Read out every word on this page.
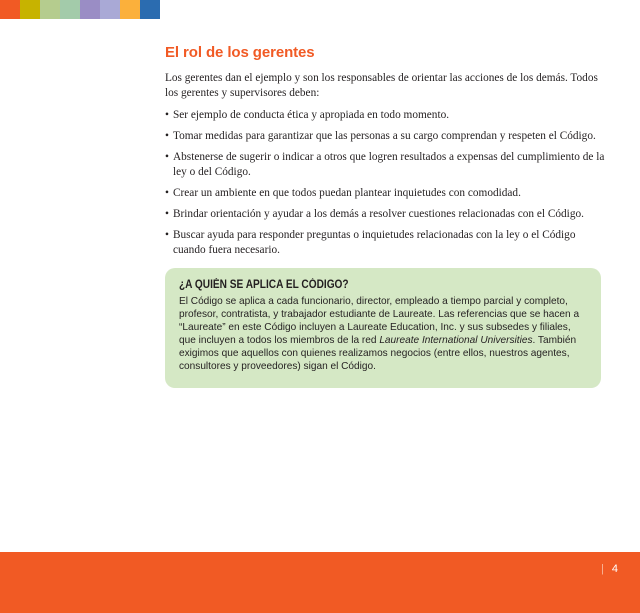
El rol de los gerentes

Los gerentes dan el ejemplo y son los responsables de orientar las acciones de los demás. Todos los gerentes y supervisores deben:

• Ser ejemplo de conducta ética y apropiada en todo momento.
• Tomar medidas para garantizar que las personas a su cargo comprendan y respeten el Código.
• Abstenerse de sugerir o indicar a otros que logren resultados a expensas del cumplimiento de la ley o del Código.
• Crear un ambiente en que todos puedan plantear inquietudes con comodidad.
• Brindar orientación y ayudar a los demás a resolver cuestiones relacionadas con el Código.
• Buscar ayuda para responder preguntas o inquietudes relacionadas con la ley o el Código cuando fuera necesario.
¿A QUIÉN SE APLICA EL CÓDIGO?

El Código se aplica a cada funcionario, director, empleado a tiempo parcial y completo, profesor, contratista, y trabajador estudiante de Laureate. Las referencias que se hacen a “Laureate” en este Código incluyen a Laureate Education, Inc. y sus subsedes y filiales, que incluyen a todos los miembros de la red Laureate International Universities. También exigimos que aquellos con quienes realizamos negocios (entre ellos, nuestros agentes, consultores y proveedores) sigan el Código.

| 4
